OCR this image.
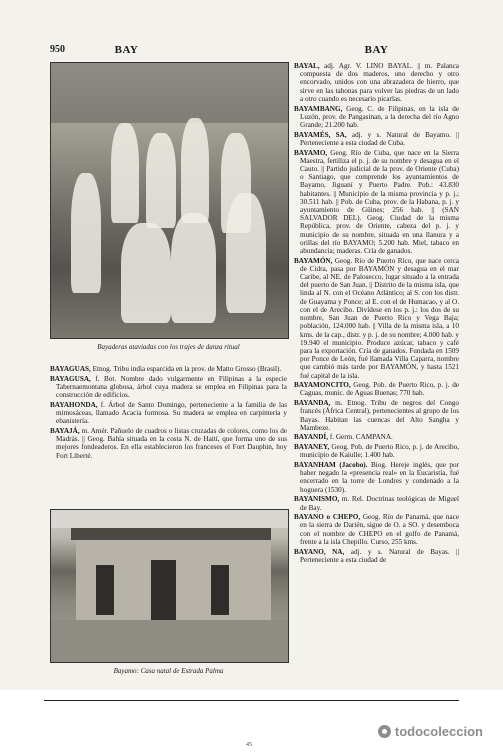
950	BAY	BAY
Bayaderas ataviadas con los trajes de danza ritual

BAYAGUAS, Etnog. Tribu india esparcida en la prov. de Matto Grosso (Brasil).

BAYAGUSA, f. Bot. Nombre dado vulgarmente en Filipinas a la especie Tabernaemontana globosa, árbol cuya madera se emplea en Filipinas para la construcción de edificios.

BAYAHONDA, f. Árbol de Santo Domingo, perteneciente a la familia de las mimosáceas, llamado Acacia formosa. Su madera se emplea en carpintería y ebanistería.

BAYAJÁ, m. Amér. Pañuelo de cuadros o listas cruzadas de colores, como los de Madrás. || Geog. Bahía situada en la costa N. de Haití, que forma uno de sus mejores fondeaderos. En ella establecieron los franceses el Fort Dauphin, hoy Fort Liberté.

Bayamo: Casa natal de Estrada Palma

BAYAL, adj. Agr. V. LINO BAYAL. || m. Palanca compuesta de dos maderos, uno derecho y otro encorvado, unidos con una abrazadera de hierro, que sirve en las tahonas para volver las piedras de un lado a otro cuando es necesario picarlas.

BAYAMBANG, Geog. C. de Filipinas, en la isla de Luzón, prov. de Pangasinan, a la derecha del río Agno Grande; 21.200 hab.

BAYAMÉS, SA, adj. y s. Natural de Bayamo. || Perteneciente a esta ciudad de Cuba.

BAYAMO, Geog. Río de Cuba, que nace en la Sierra Maestra, fertiliza el p. j. de su nombre y desagua en el Cauto. || Partido judicial de la prov. de Oriente (Cuba) o Santiago, que comprende los ayuntamientos de Bayamo, Jiguaní y Puerto Padre. Pob.: 43.830 habitantes. || Municipio de la misma provincia y p. j.; 30.511 hab. || Pob. de Cuba, prov. de la Habana, p. j. y ayuntamiento de Güines; 256 hab. || (SAN SALVADOR DEL). Geog. Ciudad de la misma República, prov. de Oriente, cabeza del p. j. y municipio de su nombre, situada en una llanura y a orillas del río BAYAMO; 5.200 hab. Miel, tabaco en abundancia; maderas. Cría de ganados.

BAYAMÓN, Geog. Río de Puerto Rico, que nace cerca de Cidra, pasa por BAYAMÓN y desagua en el mar Caribe, al NE. de Palosecco, lugar situado a la entrada del puerto de San Juan. || Distrito de la misma isla, que linda al N. con el Océano Atlántico; al S. con los distr. de Guayama y Ponce; al E. con el de Humacao, y al O. con el de Arecibo. Divídese en los p. j.: los dos de su nombre, San Juan de Puerto Rico y Vega Baja; población, 124.000 hab. || Villa de la misma isla, a 10 kms. de la cap., distr. y p. j. de su nombre; 4.000 hab. y 19.940 el municipio. Produce azúcar, tabaco y café para la exportación. Cría de ganados. Fundada en 1509 por Ponce de León, fué llamada Villa Caparra, nombre que cambió más tarde por BAYAMÓN, y hasta 1521 fué capital de la isla.

BAYAMONCITO, Geog. Pob. de Puerto Rico, p. j. de Caguas, munic. de Aguas Buenas; 770 hab.

BAYANDA, m. Etnog. Tribu de negros del Congo francés (África Central), pertenecientes al grupo de los Bayas. Habitan las cuencas del Alto Sangha y Mambeze.

BAYANDÍ, f. Germ. CAMPANA.

BAYANEY, Geog. Pob. de Puerto Rico, p. j. de Arecibo, municipio de Kaiulle; 1.400 hab.

BAYANHAM (Jacobo). Biog. Hereje inglés, que por haber negado la «presencia real» en la Eucaristía, fué encerrado en la torre de Londres y condenado a la hoguera (1530).

BAYANISMO, m. Rel. Doctrinas teológicas de Miguel de Bay.

BAYANO o CHEPO, Geog. Río de Panamá, que nace en la sierra de Darién, sigue de O. a SO. y desemboca con el nombre de CHEPO en el golfo de Panamá, frente a la isla Chepillo. Curso, 255 kms.

BAYANO, NA, adj. y s. Natural de Bayas. || Perteneciente a esta ciudad de

todocoleccion
45
